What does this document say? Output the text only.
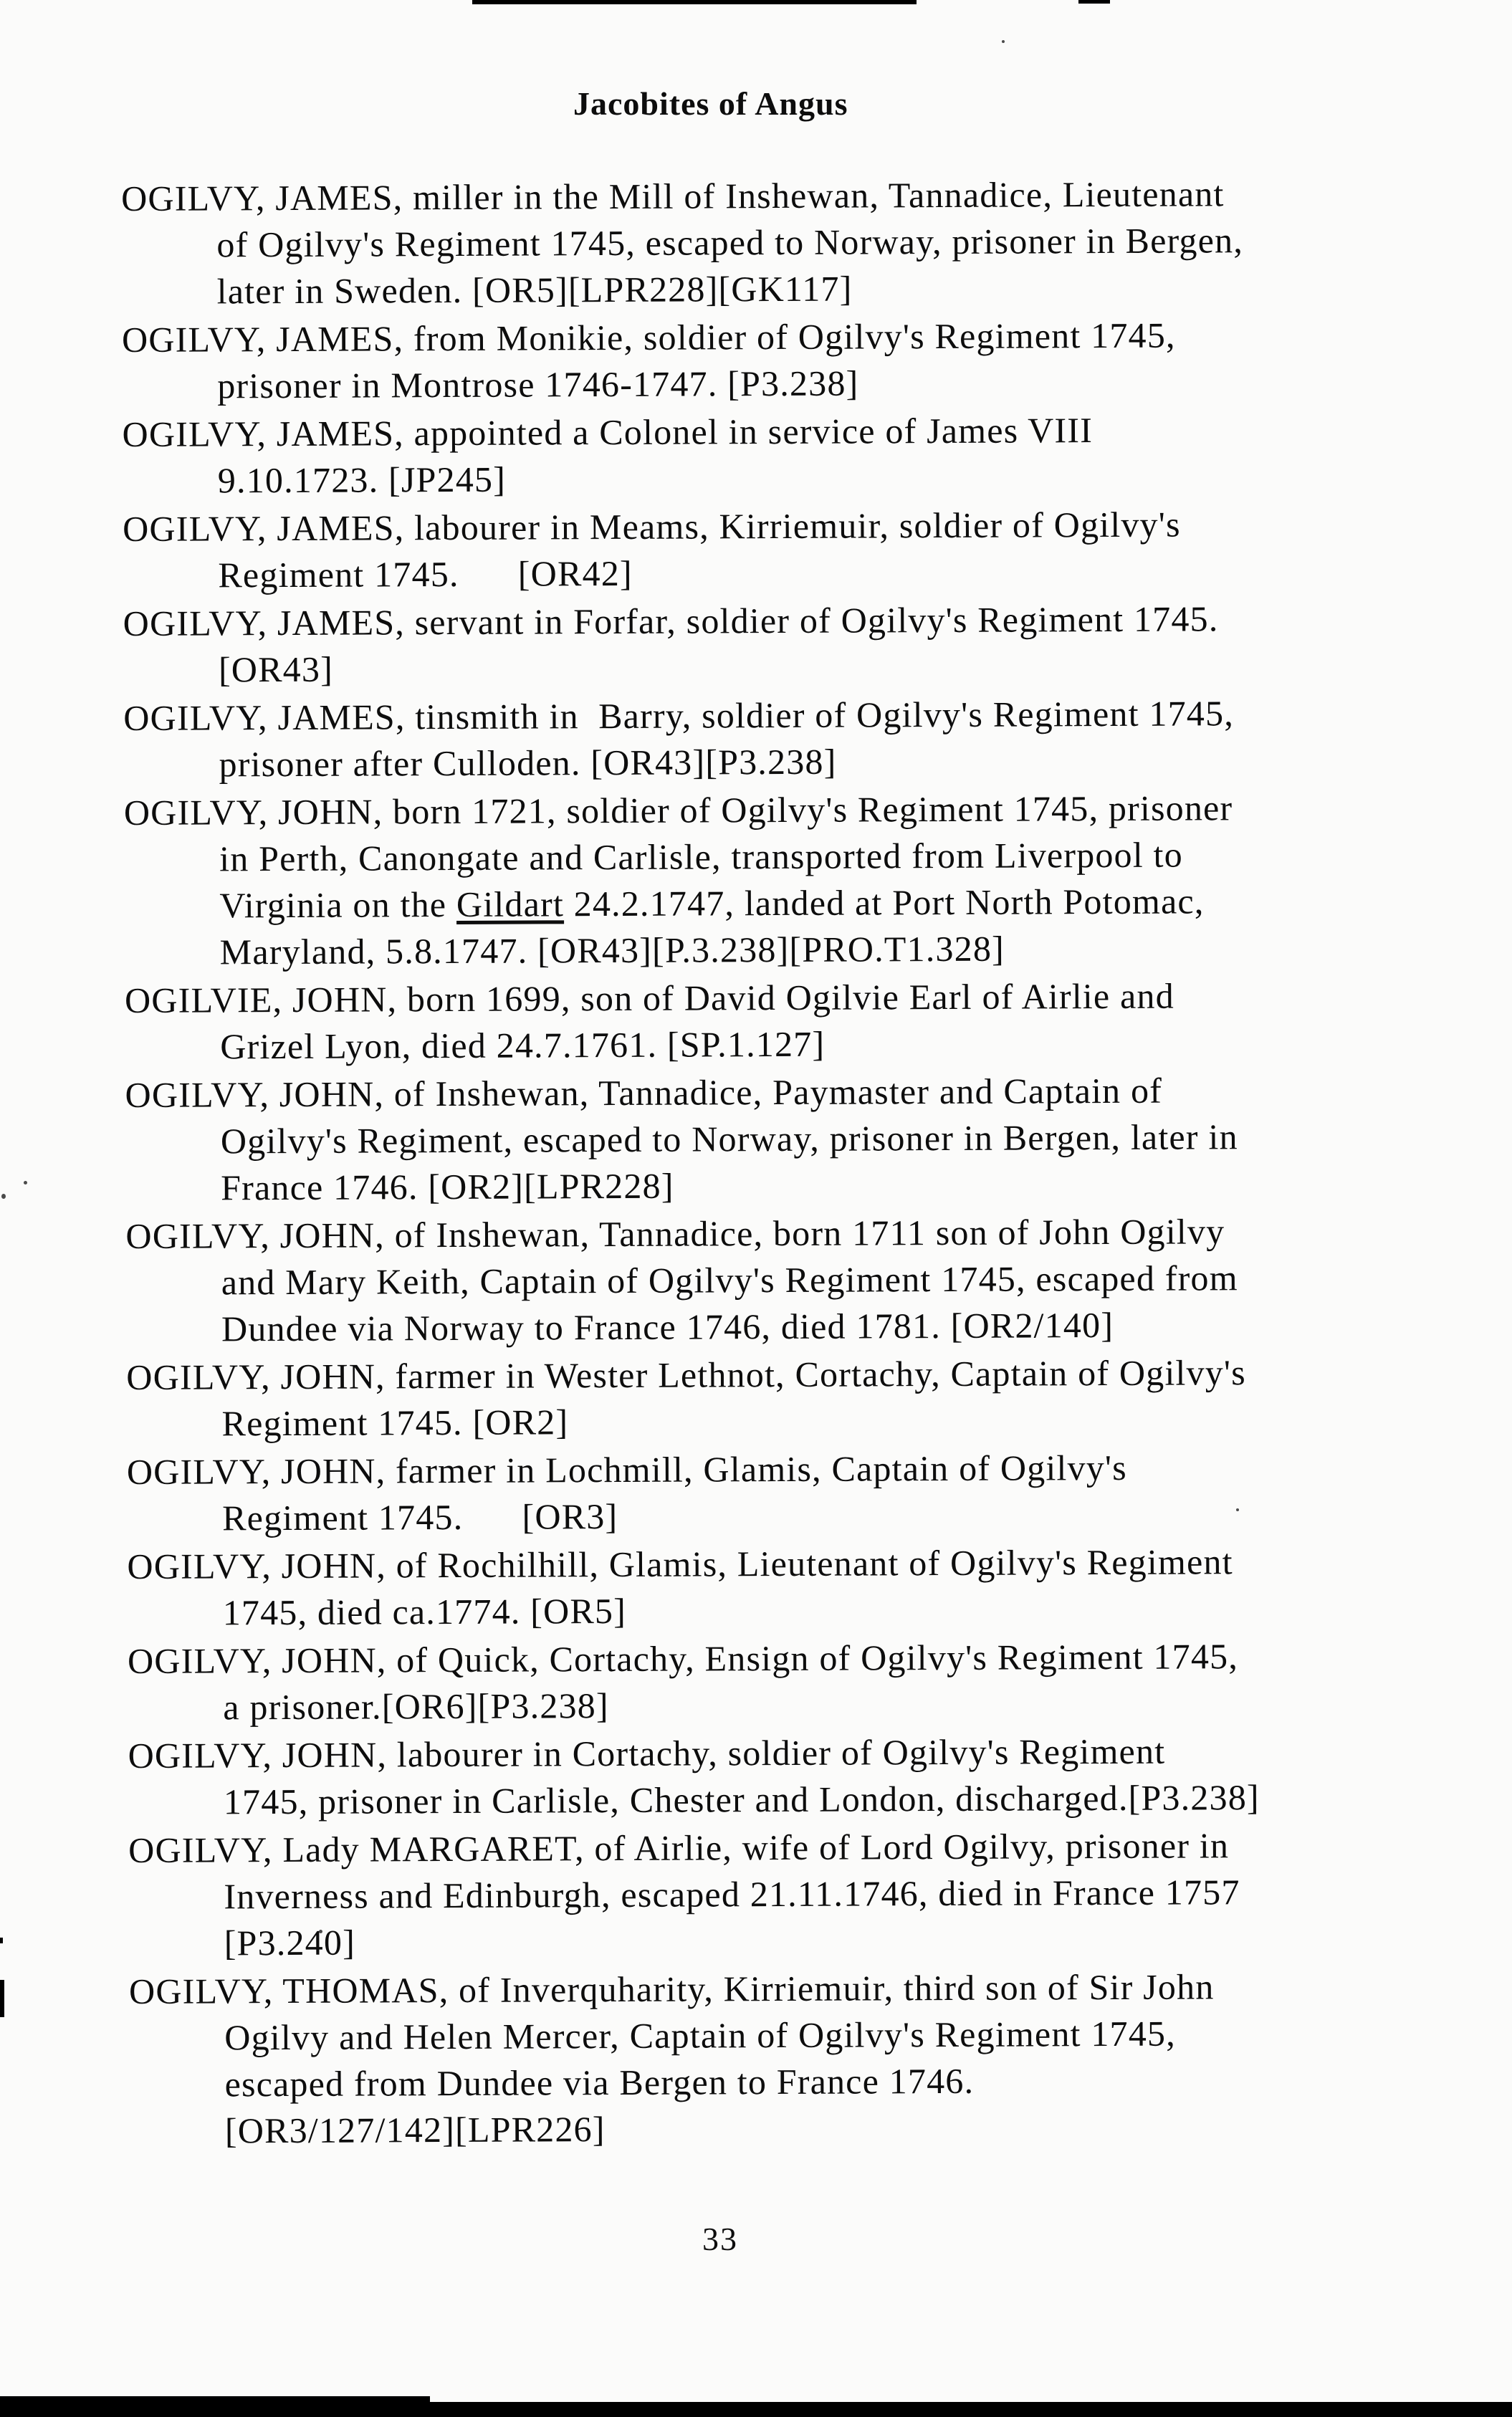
Jacobites of Angus

OGILVY, JAMES, miller in the Mill of Inshewan, Tannadice, Lieutenant
of Ogilvy's Regiment 1745, escaped to Norway, prisoner in Bergen,
later in Sweden. [OR5][LPR228][GK117]

OGILVY, JAMES, from Monikie, soldier of Ogilvy's Regiment 1745,
prisoner in Montrose 1746-1747. [P3.238]

OGILVY, JAMES, appointed a Colonel in service of James VIII
9.10.1723. [JP245]

OGILVY, JAMES, labourer in Meams, Kirriemuir, soldier of Ogilvy's
Regiment 1745.      [OR42]

OGILVY, JAMES, servant in Forfar, soldier of Ogilvy's Regiment 1745.
[OR43]

OGILVY, JAMES, tinsmith in  Barry, soldier of Ogilvy's Regiment 1745,
prisoner after Culloden. [OR43][P3.238]

OGILVY, JOHN, born 1721, soldier of Ogilvy's Regiment 1745, prisoner
in Perth, Canongate and Carlisle, transported from Liverpool to
Virginia on the Gildart 24.2.1747, landed at Port North Potomac,
Maryland, 5.8.1747. [OR43][P.3.238][PRO.T1.328]

OGILVIE, JOHN, born 1699, son of David Ogilvie Earl of Airlie and
Grizel Lyon, died 24.7.1761. [SP.1.127]

OGILVY, JOHN, of Inshewan, Tannadice, Paymaster and Captain of
Ogilvy's Regiment, escaped to Norway, prisoner in Bergen, later in
France 1746. [OR2][LPR228]

OGILVY, JOHN, of Inshewan, Tannadice, born 1711 son of John Ogilvy
and Mary Keith, Captain of Ogilvy's Regiment 1745, escaped from
Dundee via Norway to France 1746, died 1781. [OR2/140]

OGILVY, JOHN, farmer in Wester Lethnot, Cortachy, Captain of Ogilvy's
Regiment 1745. [OR2]

OGILVY, JOHN, farmer in Lochmill, Glamis, Captain of Ogilvy's
Regiment 1745.      [OR3]

OGILVY, JOHN, of Rochilhill, Glamis, Lieutenant of Ogilvy's Regiment
1745, died ca.1774. [OR5]

OGILVY, JOHN, of Quick, Cortachy, Ensign of Ogilvy's Regiment 1745,
a prisoner.[OR6][P3.238]

OGILVY, JOHN, labourer in Cortachy, soldier of Ogilvy's Regiment
1745, prisoner in Carlisle, Chester and London, discharged.[P3.238]

OGILVY, Lady MARGARET, of Airlie, wife of Lord Ogilvy, prisoner in
Inverness and Edinburgh, escaped 21.11.1746, died in France 1757
[P3.240]

OGILVY, THOMAS, of Inverquharity, Kirriemuir, third son of Sir John
Ogilvy and Helen Mercer, Captain of Ogilvy's Regiment 1745,
escaped from Dundee via Bergen to France 1746.
[OR3/127/142][LPR226]

33
